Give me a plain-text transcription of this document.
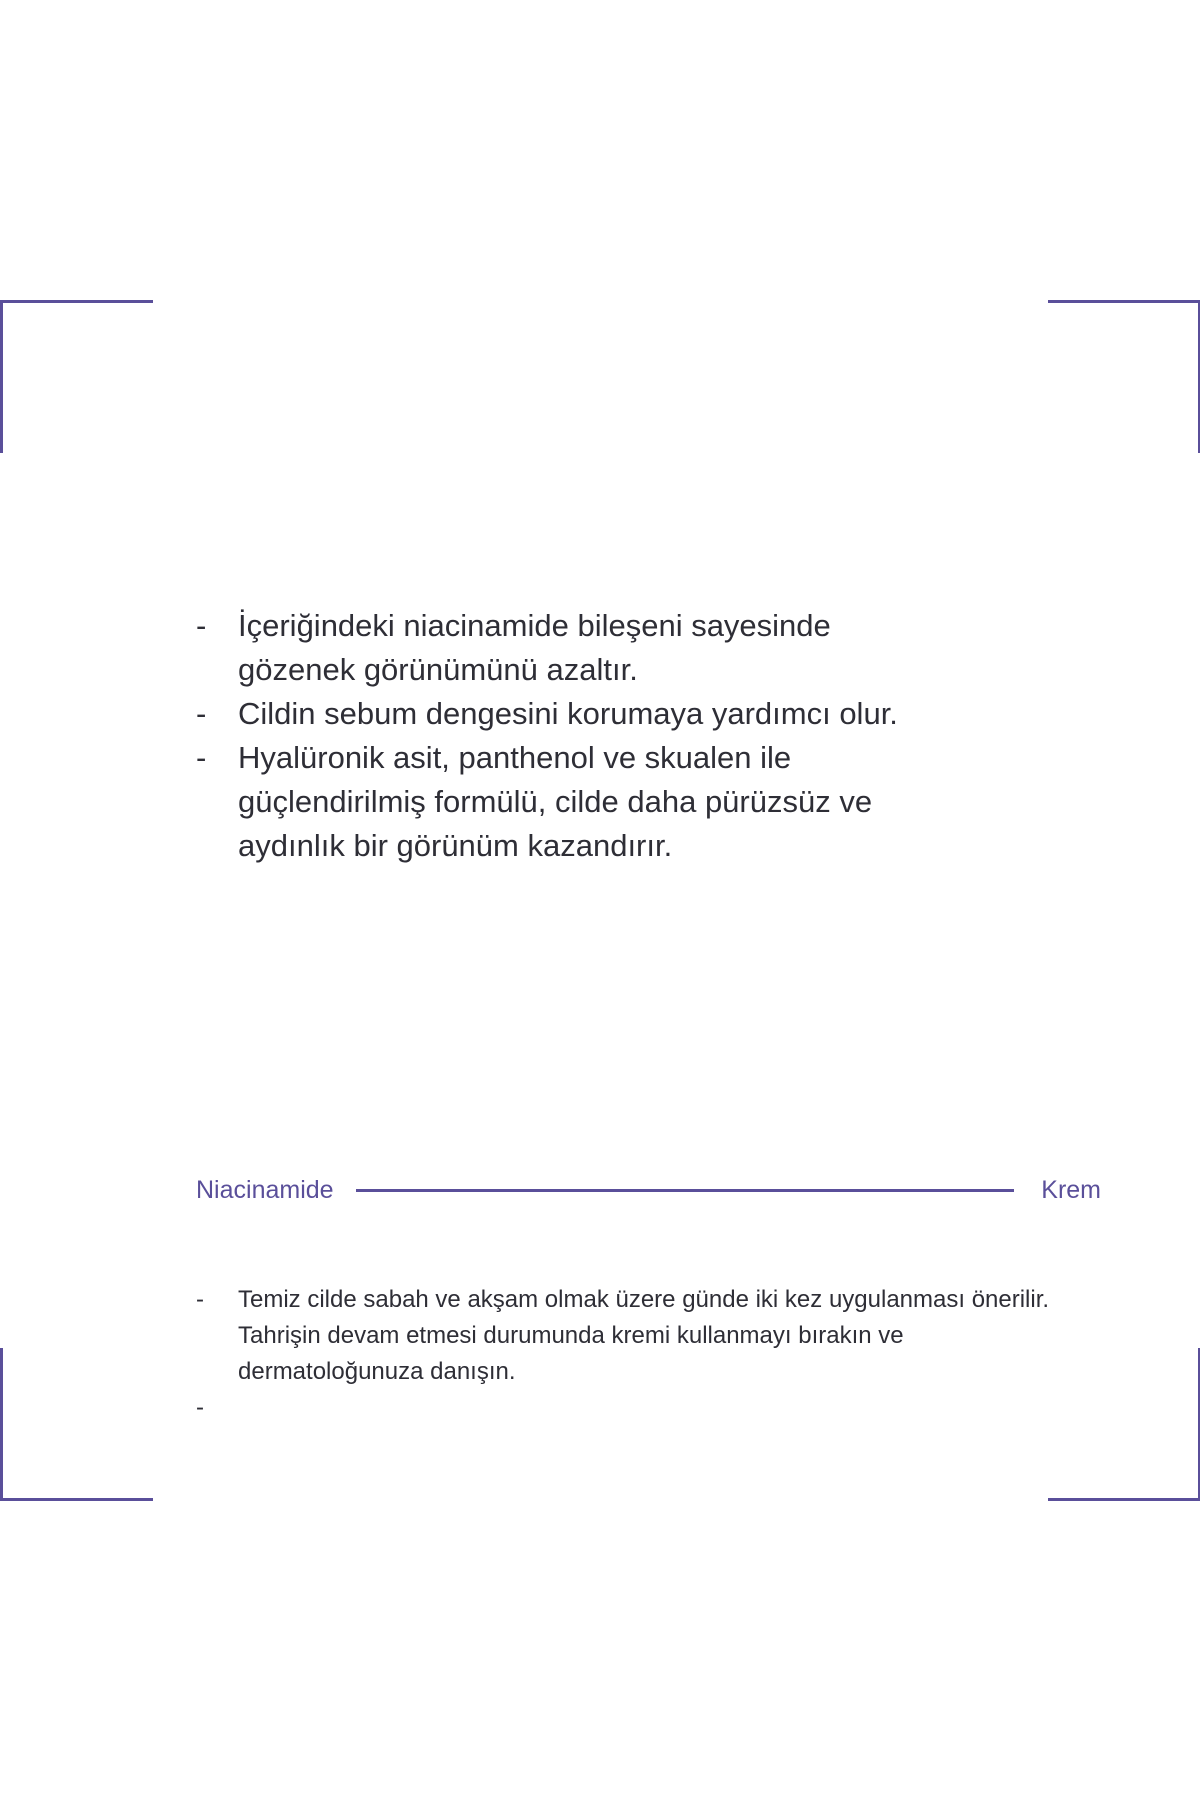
- İçeriğindeki niacinamide bileşeni sayesinde gözenek görünümünü azaltır.
- Cildin sebum dengesini korumaya yardımcı olur.
- Hyalüronik asit, panthenol ve skualen ile güçlendirilmiş formülü, cilde daha pürüzsüz ve aydınlık bir görünüm kazandırır.
Niacinamide	Krem
- Temiz cilde sabah ve akşam olmak üzere günde iki kez uygulanması önerilir. Tahrişin devam etmesi durumunda kremi kullanmayı bırakın ve dermatoloğunuza danışın.
-
